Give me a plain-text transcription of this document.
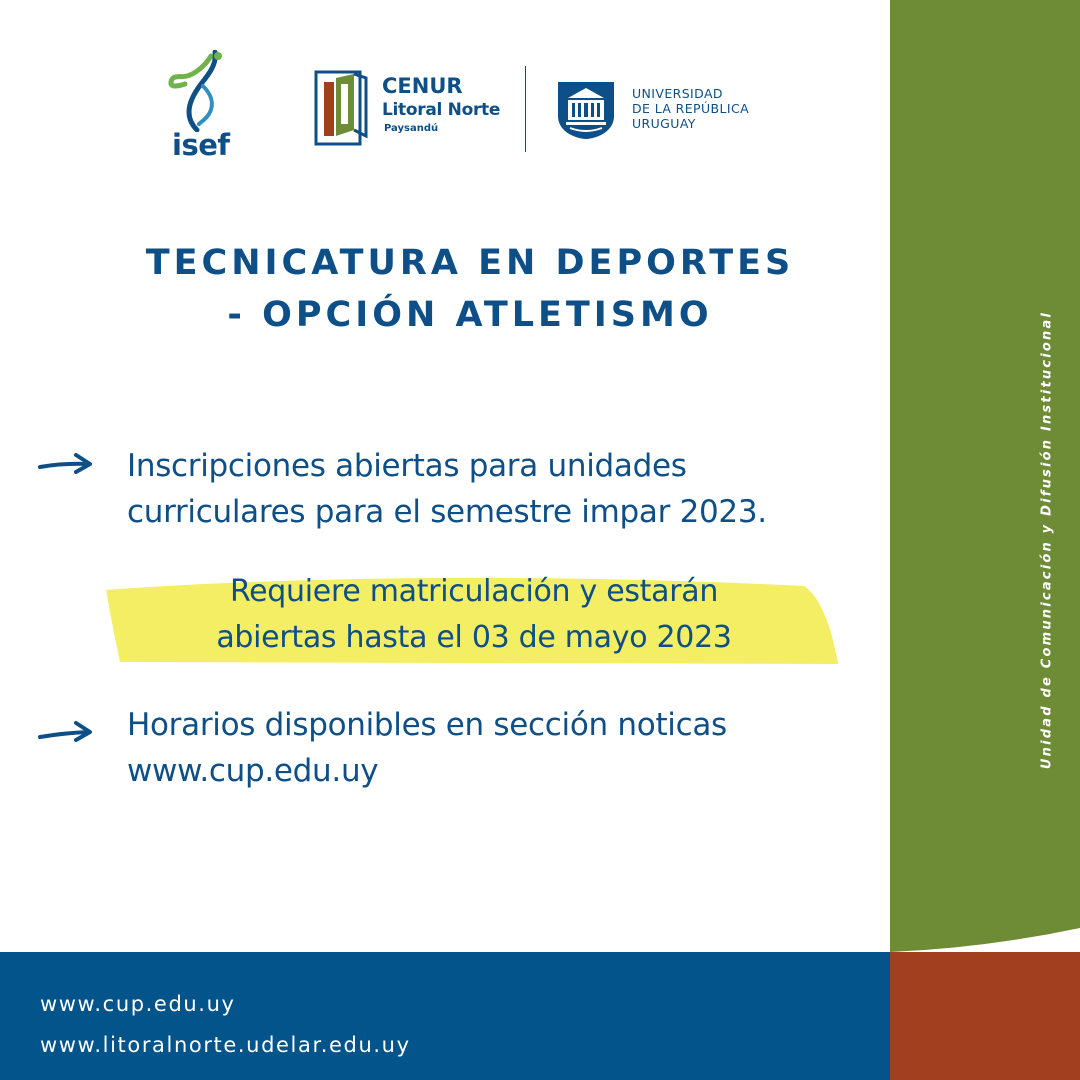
Unidad de Comunicación y Difusión Institucional
isef
CENUR
Litoral Norte
Paysandú
UNIVERSIDAD
DE LA REPÚBLICA
URUGUAY
TECNICATURA EN DEPORTES
- OPCIÓN ATLETISMO
Inscripciones abiertas para unidades
curriculares para el semestre impar 2023.
Requiere matriculación y estarán
abiertas hasta el 03 de mayo 2023
Horarios disponibles en sección noticas
www.cup.edu.uy
www.cup.edu.uy
www.litoralnorte.udelar.edu.uy
